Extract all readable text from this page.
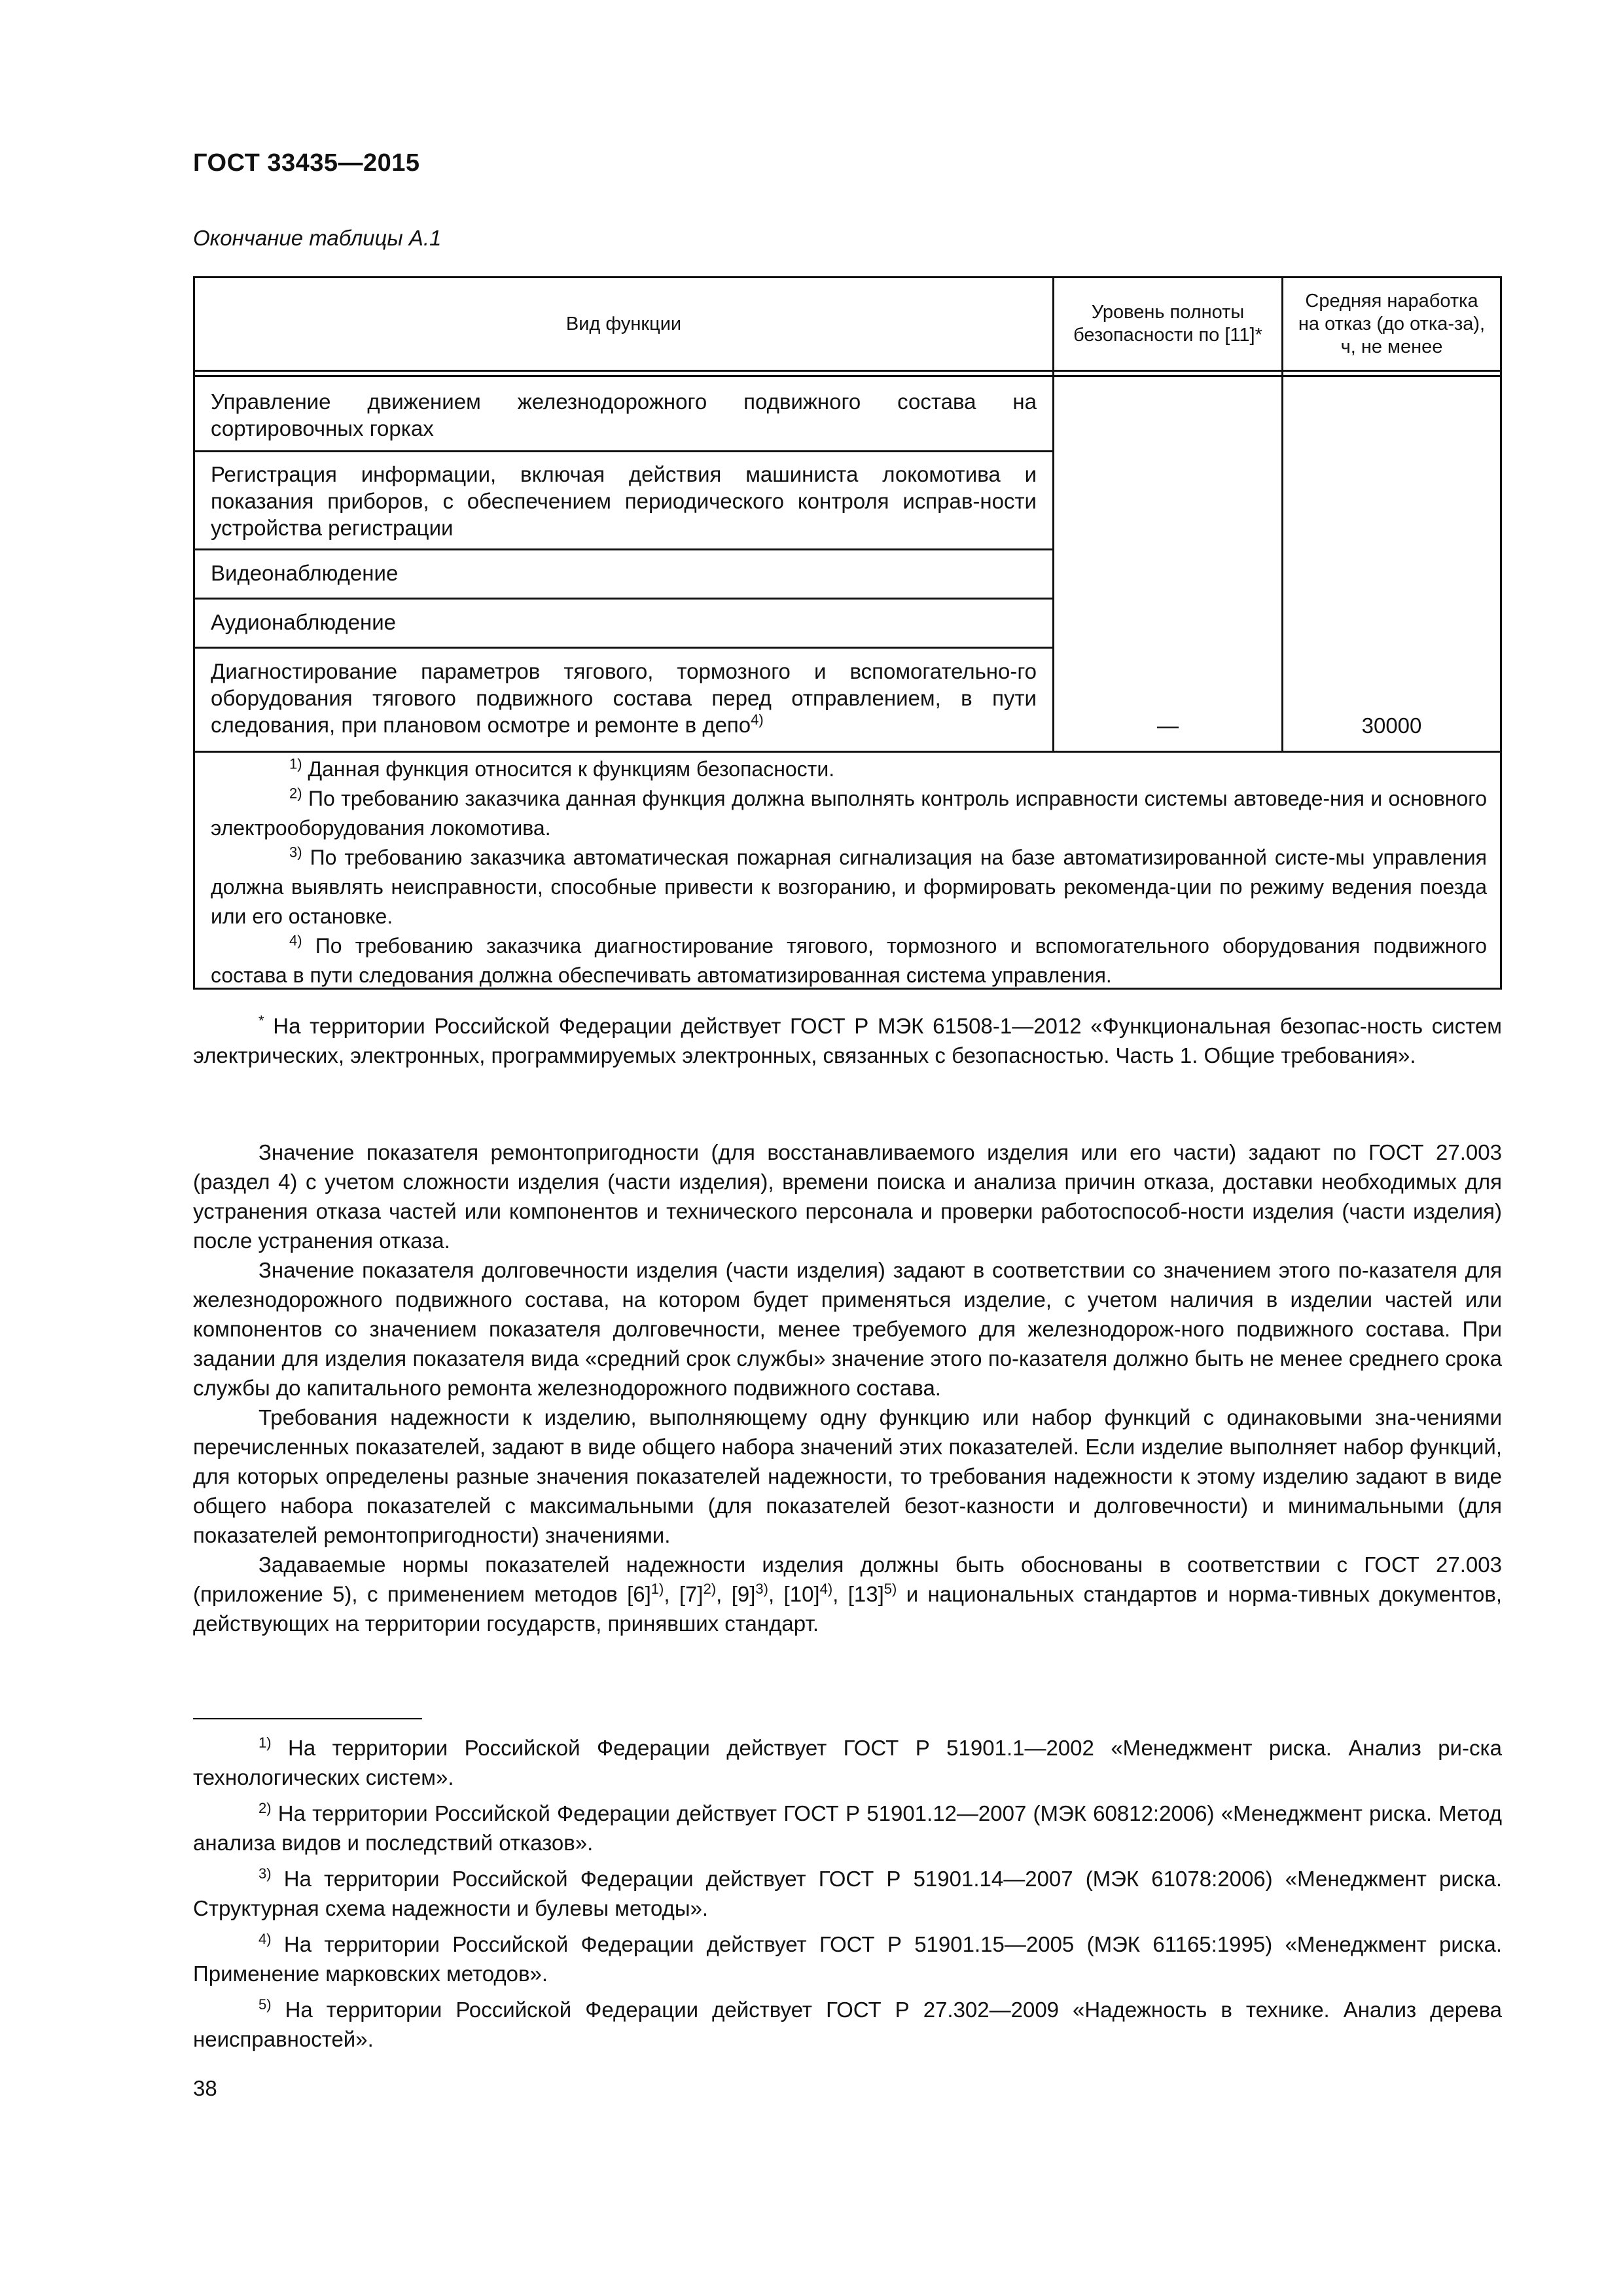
ГОСТ 33435—2015
Окончание таблицы А.1
Вид функции
Уровень полноты безопасности по [11]*
Средняя наработка на отказ (до отка-за), ч, не менее
Управление движением железнодорожного подвижного состава на сортировочных горках
Регистрация информации, включая действия машиниста локомотива и показания приборов, с обеспечением периодического контроля исправ-ности устройства регистрации
Видеонаблюдение
Аудионаблюдение
Диагностирование параметров тягового, тормозного и вспомогательно-го оборудования тягового подвижного состава перед отправлением, в пути следования, при плановом осмотре и ремонте в депо$^{4)}$	—	30000

$^{1)}$ Данная функция относится к функциям безопасности.

$^{2)}$ По требованию заказчика данная функция должна выполнять контроль исправности системы автоведе-ния и основного электрооборудования локомотива.

$^{3)}$ По требованию заказчика автоматическая пожарная сигнализация на базе автоматизированной систе-мы управления должна выявлять неисправности, способные привести к возгоранию, и формировать рекоменда-ции по режиму ведения поезда или его остановке.

$^{4)}$ По требованию заказчика диагностирование тягового, тормозного и вспомогательного оборудования подвижного состава в пути следования должна обеспечивать автоматизированная система управления.

* На территории Российской Федерации действует ГОСТ Р МЭК 61508-1—2012 «Функциональная безопас-ность систем электрических, электронных, программируемых электронных, связанных с безопасностью. Часть 1. Общие требования».

Значение показателя ремонтопригодности (для восстанавливаемого изделия или его части) задают по ГОСТ 27.003 (раздел 4) с учетом сложности изделия (части изделия), времени поиска и анализа причин отказа, доставки необходимых для устранения отказа частей или компонентов и технического персонала и проверки работоспособ-ности изделия (части изделия) после устранения отказа.

Значение показателя долговечности изделия (части изделия) задают в соответствии со значением этого по-казателя для железнодорожного подвижного состава, на котором будет применяться изделие, с учетом наличия в изделии частей или компонентов со значением показателя долговечности, менее требуемого для железнодорож-ного подвижного состава. При задании для изделия показателя вида «средний срок службы» значение этого по-казателя должно быть не менее среднего срока службы до капитального ремонта железнодорожного подвижного состава.

Требования надежности к изделию, выполняющему одну функцию или набор функций с одинаковыми зна-чениями перечисленных показателей, задают в виде общего набора значений этих показателей. Если изделие выполняет набор функций, для которых определены разные значения показателей надежности, то требования надежности к этому изделию задают в виде общего набора показателей с максимальными (для показателей безот-казности и долговечности) и минимальными (для показателей ремонтопригодности) значениями.

Задаваемые нормы показателей надежности изделия должны быть обоснованы в соответствии с ГОСТ 27.003 (приложение 5), с применением методов $[6]^{1)}$, $[7]^{2)}$, $[9]^{3)}$, $[10]^{4)}$, $[13]^{5)}$ и национальных стандартов и норма-тивных документов, действующих на территории государств, принявших стандарт.

$^{1)}$ На территории Российской Федерации действует ГОСТ Р 51901.1—2002 «Менеджмент риска. Анализ ри-ска технологических систем».

$^{2)}$ На территории Российской Федерации действует ГОСТ Р 51901.12—2007 (МЭК 60812:2006) «Менеджмент риска. Метод анализа видов и последствий отказов».

$^{3)}$ На территории Российской Федерации действует ГОСТ Р 51901.14—2007 (МЭК 61078:2006) «Менеджмент риска. Структурная схема надежности и булевы методы».

$^{4)}$ На территории Российской Федерации действует ГОСТ Р 51901.15—2005 (МЭК 61165:1995) «Менеджмент риска. Применение марковских методов».

$^{5)}$ На территории Российской Федерации действует ГОСТ Р 27.302—2009 «Надежность в технике. Анализ дерева неисправностей».

38
